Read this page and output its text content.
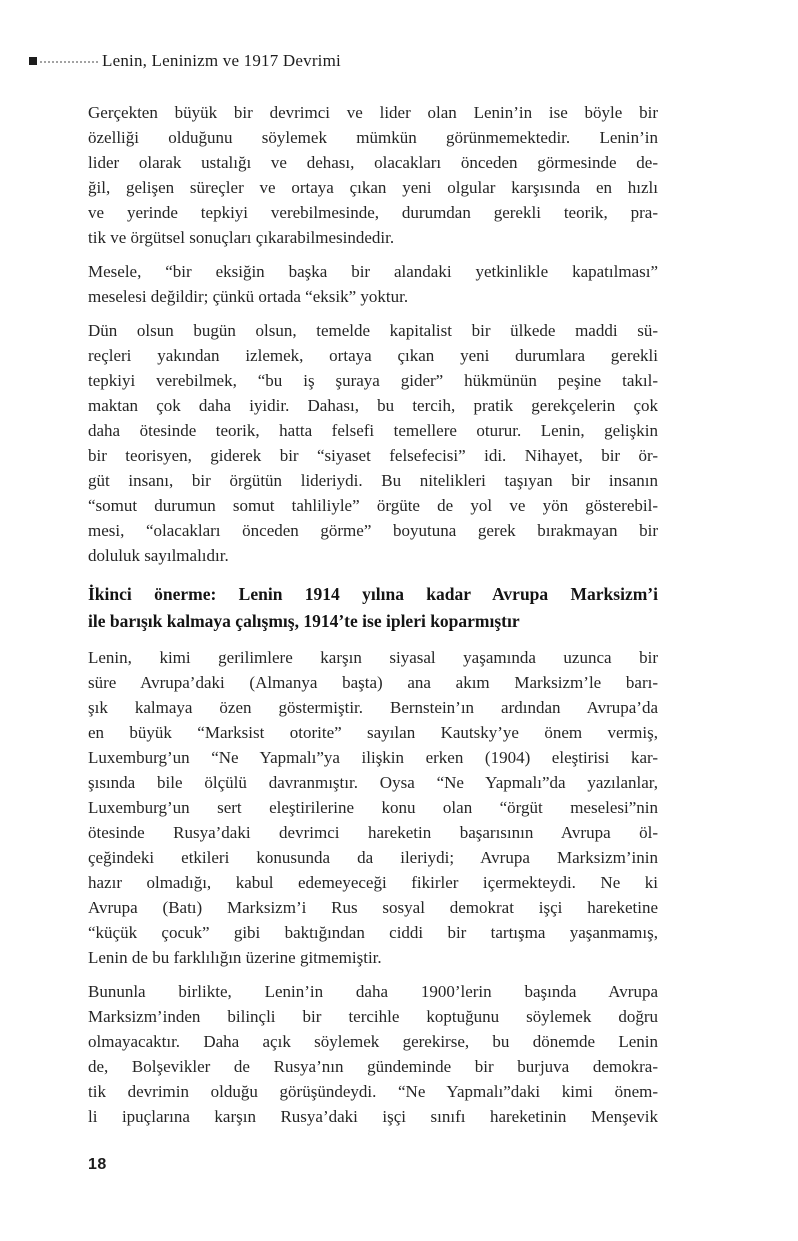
Lenin, Leninizm ve 1917 Devrimi
Gerçekten büyük bir devrimci ve lider olan Lenin’in ise böyle bir
özelliği olduğunu söylemek mümkün görünmemektedir. Lenin’in
lider olarak ustalığı ve dehası, olacakları önceden görmesinde de-
ğil, gelişen süreçler ve ortaya çıkan yeni olgular karşısında en hızlı
ve yerinde tepkiyi verebilmesinde, durumdan gerekli teorik, pra-
tik ve örgütsel sonuçları çıkarabilmesindedir.
Mesele, “bir eksiğin başka bir alandaki yetkinlikle kapatılması”
meselesi değildir; çünkü ortada “eksik” yoktur.
Dün olsun bugün olsun, temelde kapitalist bir ülkede maddi sü-
reçleri yakından izlemek, ortaya çıkan yeni durumlara gerekli
tepkiyi verebilmek, “bu iş şuraya gider” hükmünün peşine takıl-
maktan çok daha iyidir. Dahası, bu tercih, pratik gerekçelerin çok
daha ötesinde teorik, hatta felsefi temellere oturur. Lenin, gelişkin
bir teorisyen, giderek bir “siyaset felsefecisi” idi. Nihayet, bir ör-
güt insanı, bir örgütün lideriydi. Bu nitelikleri taşıyan bir insanın
“somut durumun somut tahliliyle” örgüte de yol ve yön gösterebil-
mesi, “olacakları önceden görme” boyutuna gerek bırakmayan bir
doluluk sayılmalıdır.
İkinci önerme: Lenin 1914 yılına kadar Avrupa Marksizm’i
ile barışık kalmaya çalışmış, 1914’te ise ipleri koparmıştır
Lenin, kimi gerilimlere karşın siyasal yaşamında uzunca bir
süre Avrupa’daki (Almanya başta) ana akım Marksizm’le barı-
şık kalmaya özen göstermiştir. Bernstein’ın ardından Avrupa’da
en büyük “Marksist otorite” sayılan Kautsky’ye önem vermiş,
Luxemburg’un “Ne Yapmalı”ya ilişkin erken (1904) eleştirisi kar-
şısında bile ölçülü davranmıştır. Oysa “Ne Yapmalı”da yazılanlar,
Luxemburg’un sert eleştirilerine konu olan “örgüt meselesi”nin
ötesinde Rusya’daki devrimci hareketin başarısının Avrupa öl-
çeğindeki etkileri konusunda da ileriydi; Avrupa Marksizm’inin
hazır olmadığı, kabul edemeyeceği fikirler içermekteydi. Ne ki
Avrupa (Batı) Marksizm’i Rus sosyal demokrat işçi hareketine
“küçük çocuk” gibi baktığından ciddi bir tartışma yaşanmamış,
Lenin de bu farklılığın üzerine gitmemiştir.
Bununla birlikte, Lenin’in daha 1900’lerin başında Avrupa
Marksizm’inden bilinçli bir tercihle koptuğunu söylemek doğru
olmayacaktır. Daha açık söylemek gerekirse, bu dönemde Lenin
de, Bolşevikler de Rusya’nın gündeminde bir burjuva demokra-
tik devrimin olduğu görüşündeydi. “Ne Yapmalı”daki kimi önem-
li ipuçlarına karşın Rusya’daki işçi sınıfı hareketinin Menşevik
18
